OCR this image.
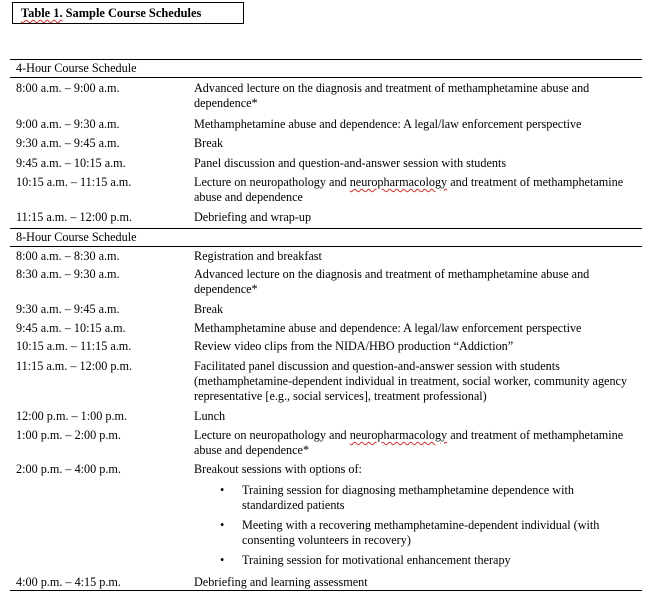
Table 1. Sample Course Schedules
4-Hour Course Schedule
8:00 a.m. – 9:00 a.m.	Advanced lecture on the diagnosis and treatment of methamphetamine abuse and dependence*
9:00 a.m. – 9:30 a.m.	Methamphetamine abuse and dependence: A legal/law enforcement perspective
9:30 a.m. – 9:45 a.m.	Break
9:45 a.m. – 10:15 a.m.	Panel discussion and question-and-answer session with students
10:15 a.m. – 11:15 a.m.	Lecture on neuropathology and neuropharmacology and treatment of methamphetamine abuse and dependence
11:15 a.m. – 12:00 p.m.	Debriefing and wrap-up
8-Hour Course Schedule
8:00 a.m. – 8:30 a.m.	Registration and breakfast
8:30 a.m. – 9:30 a.m.	Advanced lecture on the diagnosis and treatment of methamphetamine abuse and dependence*
9:30 a.m. – 9:45 a.m.	Break
9:45 a.m. – 10:15 a.m.	Methamphetamine abuse and dependence: A legal/law enforcement perspective
10:15 a.m. – 11:15 a.m.	Review video clips from the NIDA/HBO production “Addiction”
11:15 a.m. – 12:00 p.m.	Facilitated panel discussion and question-and-answer session with students (methamphetamine-dependent individual in treatment, social worker, community agency representative [e.g., social services], treatment professional)
12:00 p.m. – 1:00 p.m.	Lunch
1:00 p.m. – 2:00 p.m.	Lecture on neuropathology and neuropharmacology and treatment of methamphetamine abuse and dependence*
2:00 p.m. – 4:00 p.m.	Breakout sessions with options of:
• Training session for diagnosing methamphetamine dependence with standardized patients
• Meeting with a recovering methamphetamine-dependent individual (with consenting volunteers in recovery)
• Training session for motivational enhancement therapy
4:00 p.m. – 4:15 p.m.	Debriefing and learning assessment
